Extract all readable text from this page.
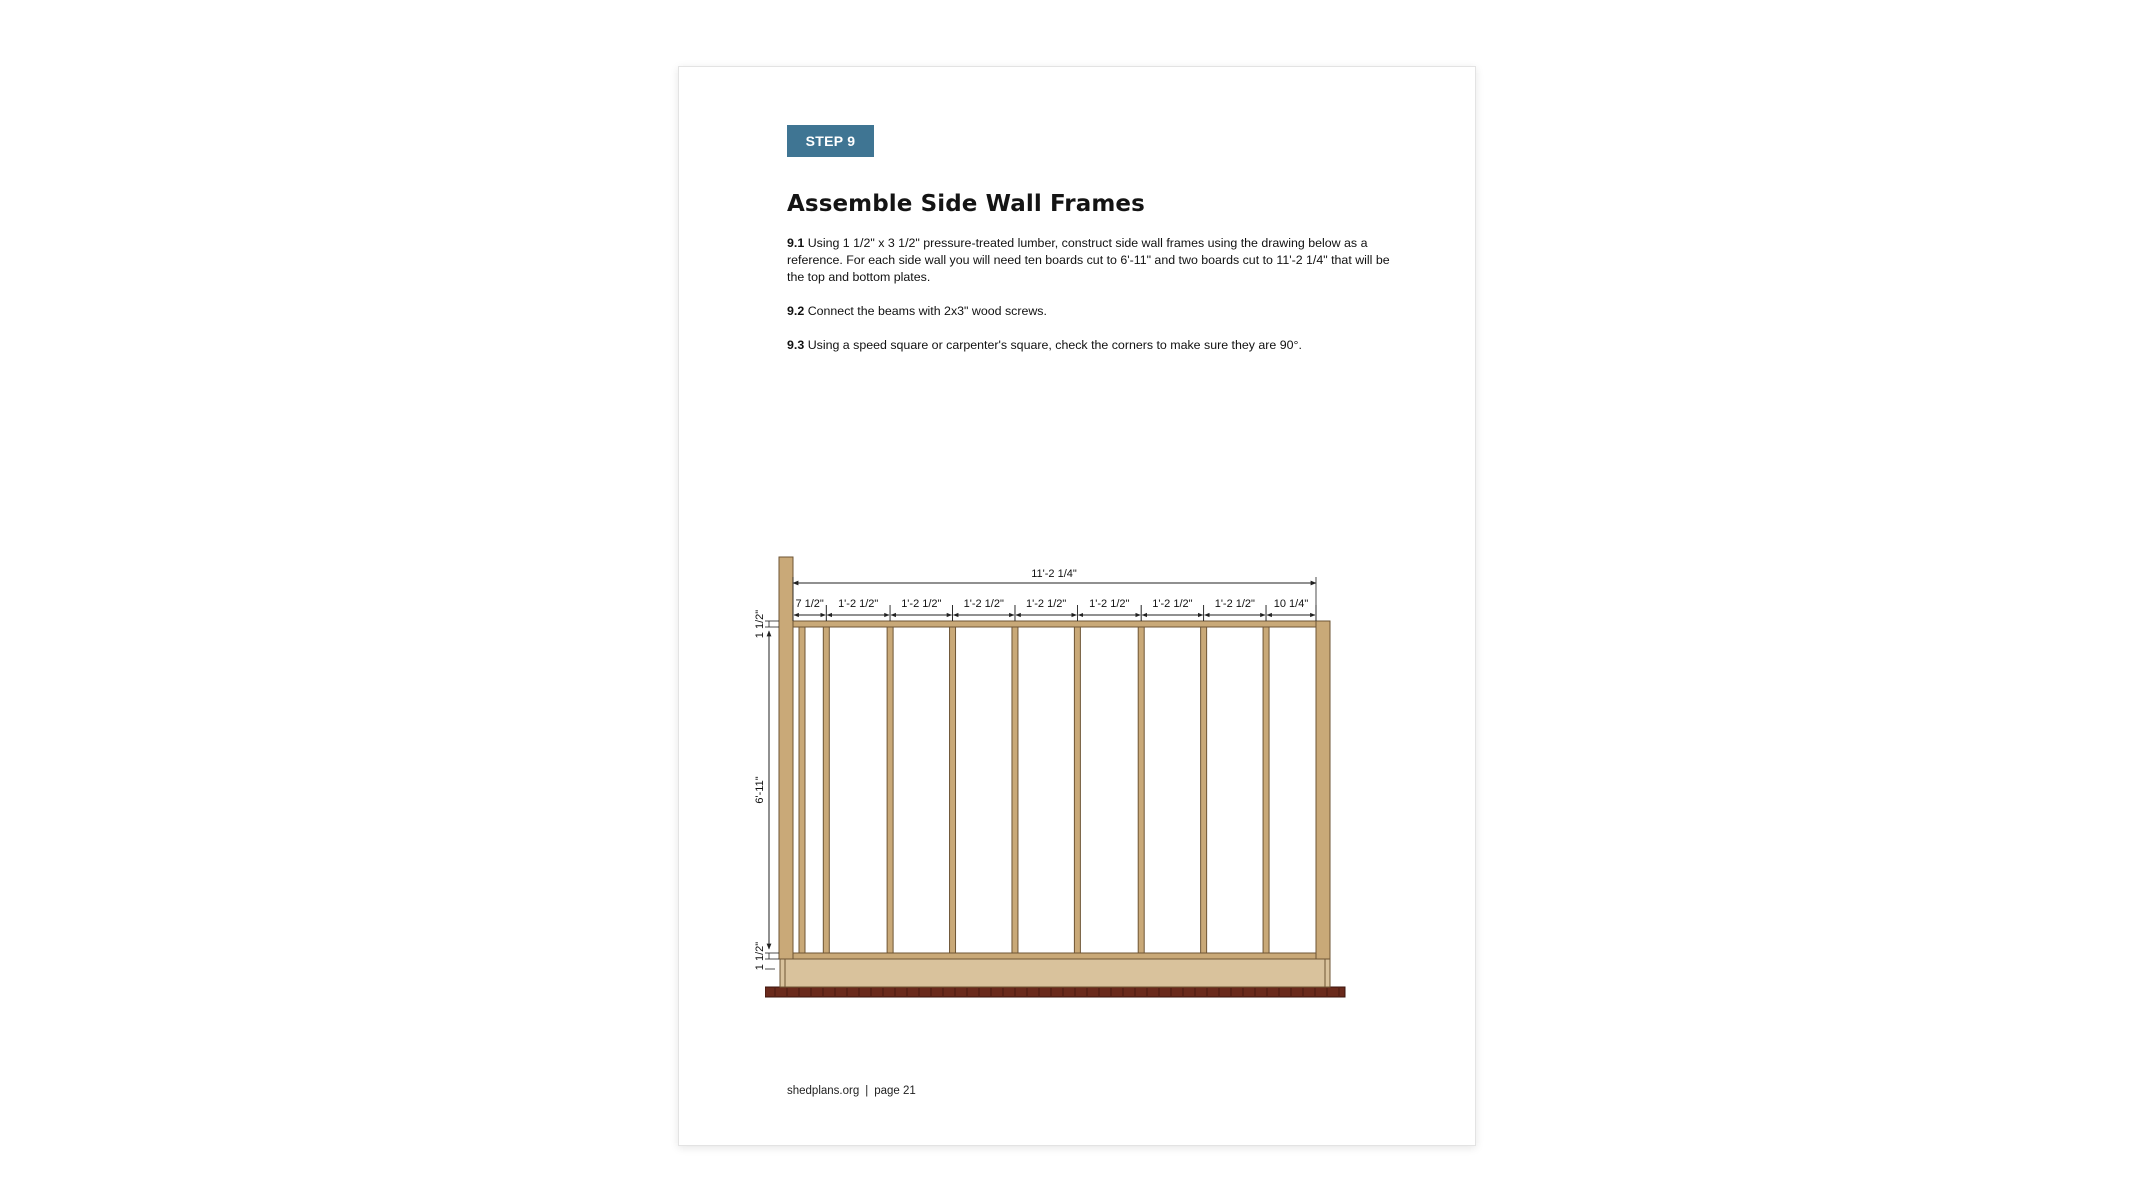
STEP 9
Assemble Side Wall Frames

9.1 Using 1 1/2" x 3 1/2" pressure-treated lumber, construct side wall frames using the drawing below as a reference. For each side wall you will need ten boards cut to 6'-11" and two boards cut to 11'-2 1/4" that will be the top and bottom plates.

9.2 Connect the beams with 2x3" wood screws.

9.3 Using a speed square or carpenter's square, check the corners to make sure they are 90°.

11'-2 1/4"
7 1/2" 1'-2 1/2" 1'-2 1/2" 1'-2 1/2" 1'-2 1/2" 1'-2 1/2" 1'-2 1/2" 1'-2 1/2" 10 1/4"
1 1/2"
6'-11"
1 1/2"
shedplans.org | page 21
